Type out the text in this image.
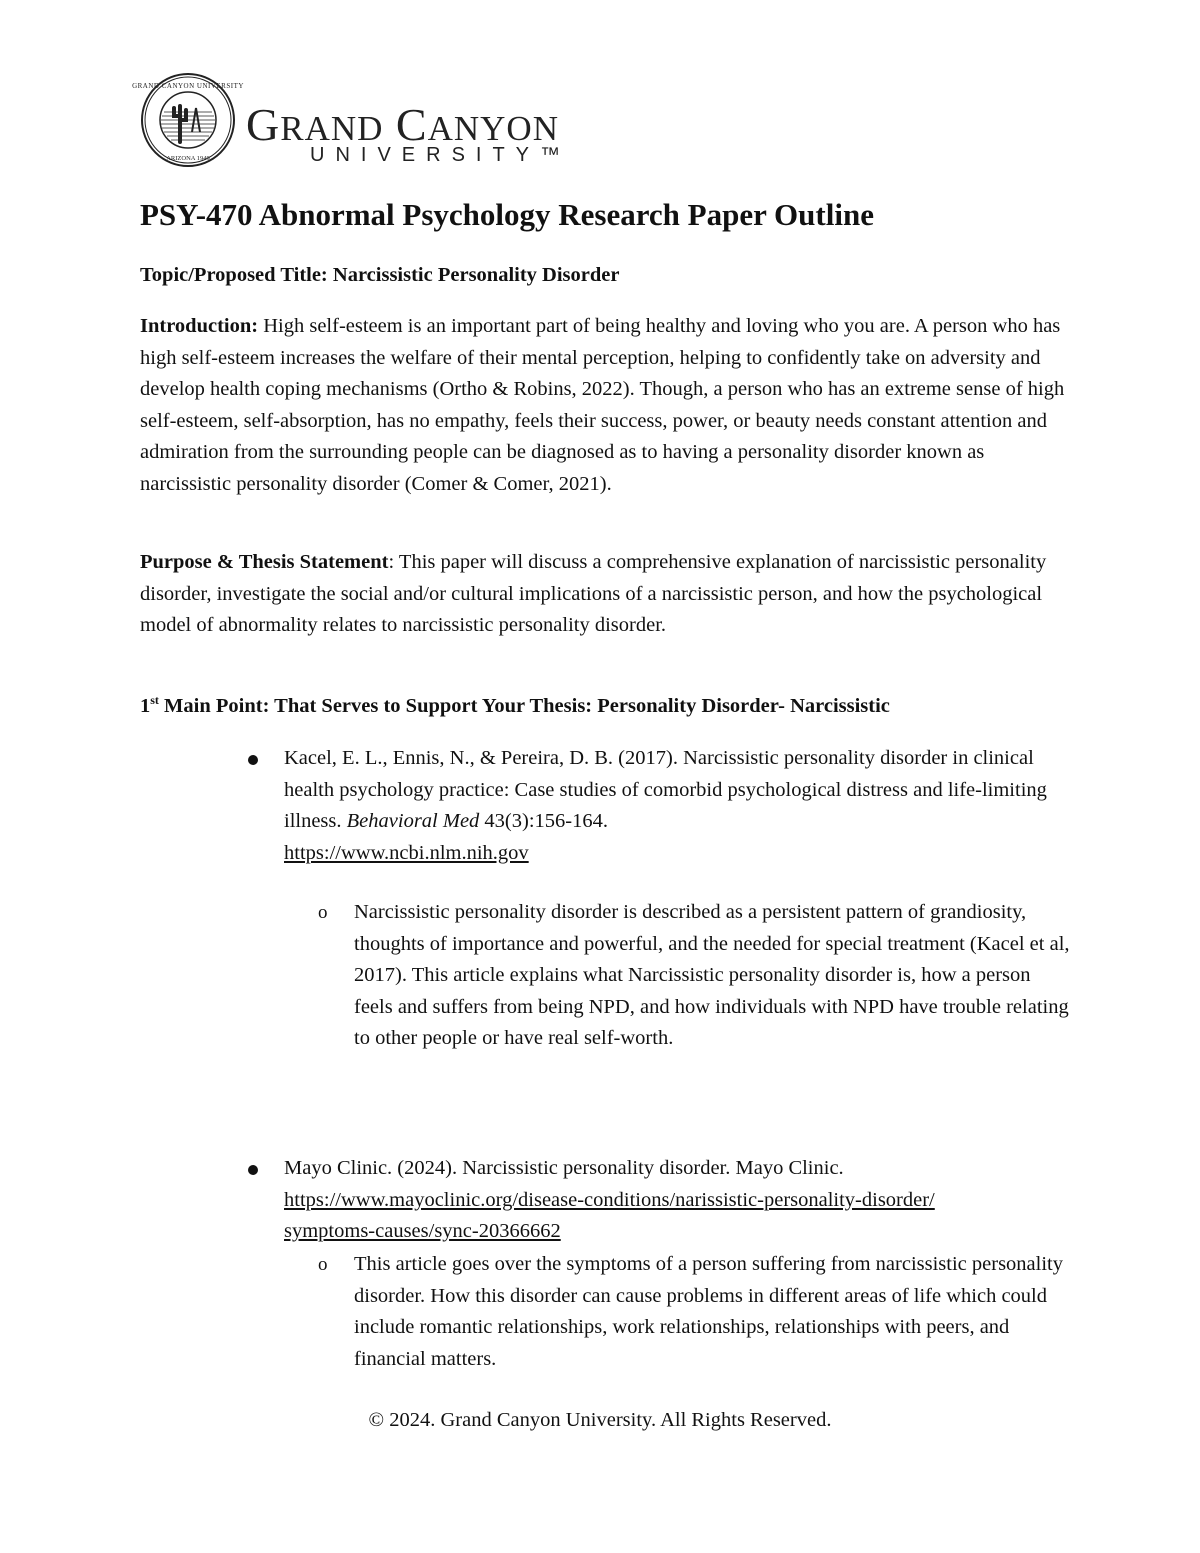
GRAND CANYON UNIVERSITY
ARIZONA 1949
GRAND CANYON
UNIVERSITY™
PSY-470 Abnormal Psychology Research Paper Outline

Topic/Proposed Title: Narcissistic Personality Disorder

Introduction: High self-esteem is an important part of being healthy and loving who you are. A person who has high self-esteem increases the welfare of their mental perception, helping to confidently take on adversity and develop health coping mechanisms (Ortho & Robins, 2022). Though, a person who has an extreme sense of high self-esteem, self-absorption, has no empathy, feels their success, power, or beauty needs constant attention and admiration from the surrounding people can be diagnosed as to having a personality disorder known as narcissistic personality disorder (Comer & Comer, 2021).

Purpose & Thesis Statement: This paper will discuss a comprehensive explanation of narcissistic personality disorder, investigate the social and/or cultural implications of a narcissistic person, and how the psychological model of abnormality relates to narcissistic personality disorder.

1st Main Point: That Serves to Support Your Thesis: Personality Disorder- Narcissistic

Kacel, E. L., Ennis, N., & Pereira, D. B. (2017). Narcissistic personality disorder in clinical health psychology practice: Case studies of comorbid psychological distress and life-limiting illness. Behavioral Med 43(3):156-164.
https://www.ncbi.nlm.nih.gov

o Narcissistic personality disorder is described as a persistent pattern of grandiosity, thoughts of importance and powerful, and the needed for special treatment (Kacel et al, 2017). This article explains what Narcissistic personality disorder is, how a person feels and suffers from being NPD, and how individuals with NPD have trouble relating to other people or have real self-worth.

Mayo Clinic. (2024). Narcissistic personality disorder. Mayo Clinic.
https://www.mayoclinic.org/disease-conditions/narissistic-personality-disorder/
symptoms-causes/sync-20366662

o This article goes over the symptoms of a person suffering from narcissistic personality disorder. How this disorder can cause problems in different areas of life which could include romantic relationships, work relationships, relationships with peers, and financial matters.

© 2024. Grand Canyon University. All Rights Reserved.
